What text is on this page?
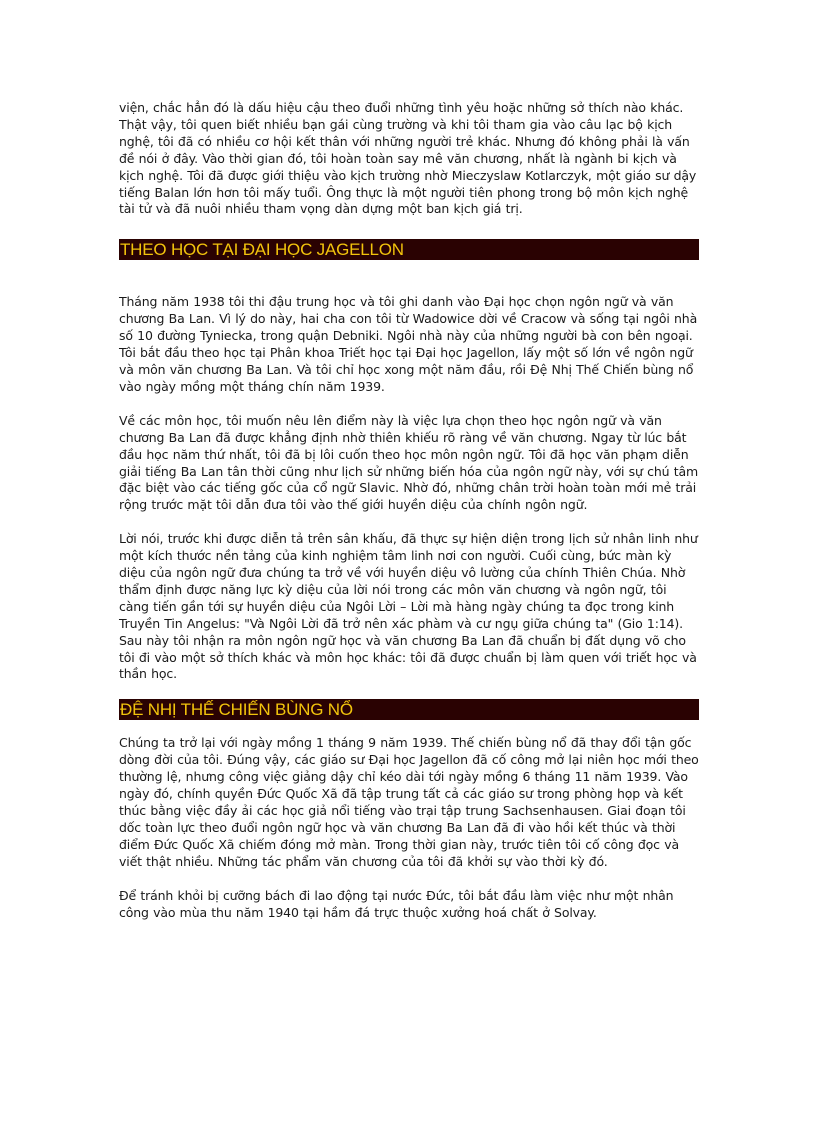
viện, chắc hẳn đó là dấu hiệu cậu theo đuổi những tình yêu hoặc những sở thích nào khác. Thật vậy, tôi quen biết nhiều bạn gái cùng trường và khi tôi tham gia vào câu lạc bộ kịch nghệ, tôi đã có nhiều cơ hội kết thân với những người trẻ khác. Nhưng đó không phải là vấn đề nói ở đây. Vào thời gian đó, tôi hoàn toàn say mê văn chương, nhất là ngành bi kịch và kịch nghệ. Tôi đã được giới thiệu vào kịch trường nhờ Mieczyslaw Kotlarczyk, một giáo sư dậy tiếng Balan lớn hơn tôi mấy tuổi. Ông thực là một người tiên phong trong bộ môn kịch nghệ tài tử và đã nuôi nhiều tham vọng dàn dựng một ban kịch giá trị.

THEO HỌC TẠI ĐẠI HỌC JAGELLON

Tháng năm 1938 tôi thi đậu trung học và tôi ghi danh vào Đại học chọn ngôn ngữ và văn chương Ba Lan. Vì lý do này, hai cha con tôi từ Wadowice dời về Cracow và sống tại ngôi nhà số 10 đường Tyniecka, trong quận Debniki. Ngôi nhà này của những người bà con bên ngoại. Tôi bắt đầu theo học tại Phân khoa Triết học tại Đại học Jagellon, lấy một số lớn về ngôn ngữ và môn văn chương Ba Lan. Và tôi chỉ học xong một năm đầu, rồi Đệ Nhị Thế Chiến bùng nổ vào ngày mồng một tháng chín năm 1939.

Về các môn học, tôi muốn nêu lên điểm này là việc lựa chọn theo học ngôn ngữ và văn chương Ba Lan đã được khẳng định nhờ thiên khiếu rõ ràng về văn chương. Ngay từ lúc bắt đầu học năm thứ nhất, tôi đã bị lôi cuốn theo học môn ngôn ngữ. Tôi đã học văn phạm diễn giải tiếng Ba Lan tân thời cũng như lịch sử những biến hóa của ngôn ngữ này, với sự chú tâm đặc biệt vào các tiếng gốc của cổ ngữ Slavic. Nhờ đó, những chân trời hoàn toàn mới mẻ trải rộng trước mặt tôi dẫn đưa tôi vào thế giới huyền diệu của chính ngôn ngữ.

Lời nói, trước khi được diễn tả trên sân khấu, đã thực sự hiện diện trong lịch sử nhân linh như một kích thước nền tảng của kinh nghiệm tâm linh nơi con người. Cuối cùng, bức màn kỳ diệu của ngôn ngữ đưa chúng ta trở về với huyền diệu vô lường của chính Thiên Chúa. Nhờ thẩm định được năng lực kỳ diệu của lời nói trong các môn văn chương và ngôn ngữ, tôi càng tiến gần tới sự huyền diệu của Ngôi Lời – Lời mà hàng ngày chúng ta đọc trong kinh Truyền Tin Angelus: "Và Ngôi Lời đã trở nên xác phàm và cư ngụ giữa chúng ta" (Gio 1:14). Sau này tôi nhận ra môn ngôn ngữ học và văn chương Ba Lan đã chuẩn bị đất dụng võ cho tôi đi vào một sở thích khác và môn học khác: tôi đã được chuẩn bị làm quen với triết học và thần học.

ĐỆ NHỊ THẾ CHIẾN BÙNG NỔ

Chúng ta trở lại với ngày mồng 1 tháng 9 năm 1939. Thế chiến bùng nổ đã thay đổi tận gốc dòng đời của tôi. Đúng vậy, các giáo sư Đại học Jagellon đã cố công mở lại niên học mới theo thường lệ, nhưng công việc giảng dậy chỉ kéo dài tới ngày mồng 6 tháng 11 năm 1939. Vào ngày đó, chính quyền Đức Quốc Xã đã tập trung tất cả các giáo sư trong phòng họp và kết thúc bằng việc đầy ải các học giả nổi tiếng vào trại tập trung Sachsenhausen. Giai đoạn tôi dốc toàn lực theo đuổi ngôn ngữ học và văn chương Ba Lan đã đi vào hồi kết thúc và thời điểm Đức Quốc Xã chiếm đóng mở màn. Trong thời gian này, trước tiên tôi cố công đọc và viết thật nhiều. Những tác phẩm văn chương của tôi đã khởi sự vào thời kỳ đó.

Để tránh khỏi bị cưỡng bách đi lao động tại nước Đức, tôi bắt đầu làm việc như một nhân công vào mùa thu năm 1940 tại hầm đá trực thuộc xưởng hoá chất ở Solvay.
